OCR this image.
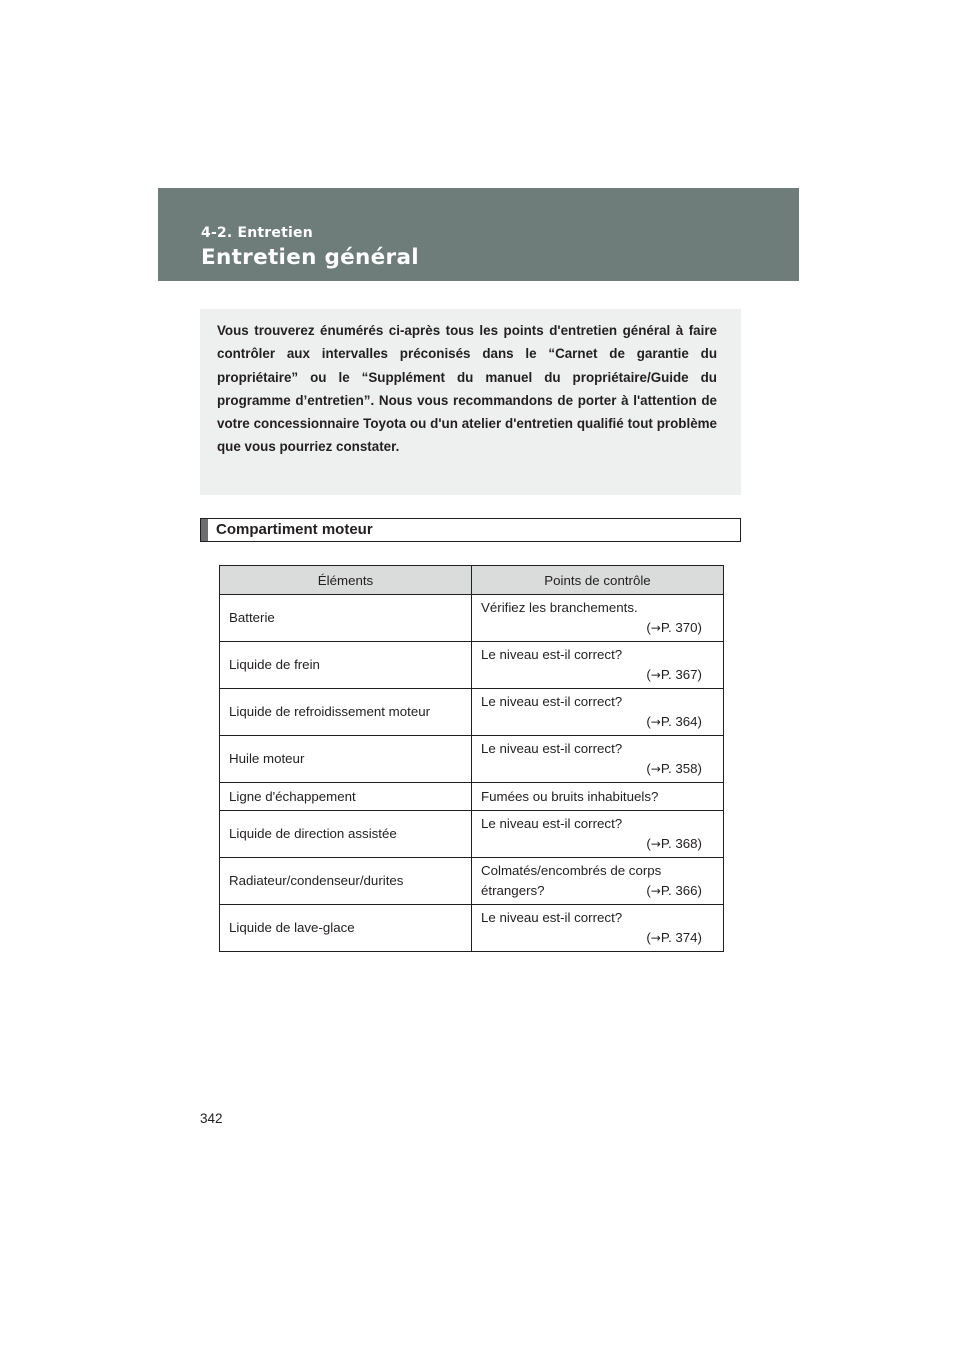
4-2. Entretien
Entretien général

Vous trouverez énumérés ci-après tous les points d'entretien général à faire contrôler aux intervalles préconisés dans le “Carnet de garantie du propriétaire” ou le “Supplément du manuel du propriétaire/Guide du programme d’entretien”. Nous vous recommandons de porter à l'attention de votre concessionnaire Toyota ou d'un atelier d'entretien qualifié tout problème que vous pourriez constater.

Compartiment moteur
Éléments	Points de contrôle
Batterie	Vérifiez les branchements.
(→P. 370)

Liquide de frein	Le niveau est-il correct?
(→P. 367)

Liquide de refroidissement moteur	Le niveau est-il correct?
(→P. 364)

Huile moteur	Le niveau est-il correct?
(→P. 358)

Ligne d'échappement	Fumées ou bruits inhabituels?
Liquide de direction assistée	Le niveau est-il correct?
(→P. 368)

Radiateur/condenseur/durites	Colmatés/encombrés de corps
étrangers? (→P. 366)

Liquide de lave-glace	Le niveau est-il correct?
(→P. 374)
342
